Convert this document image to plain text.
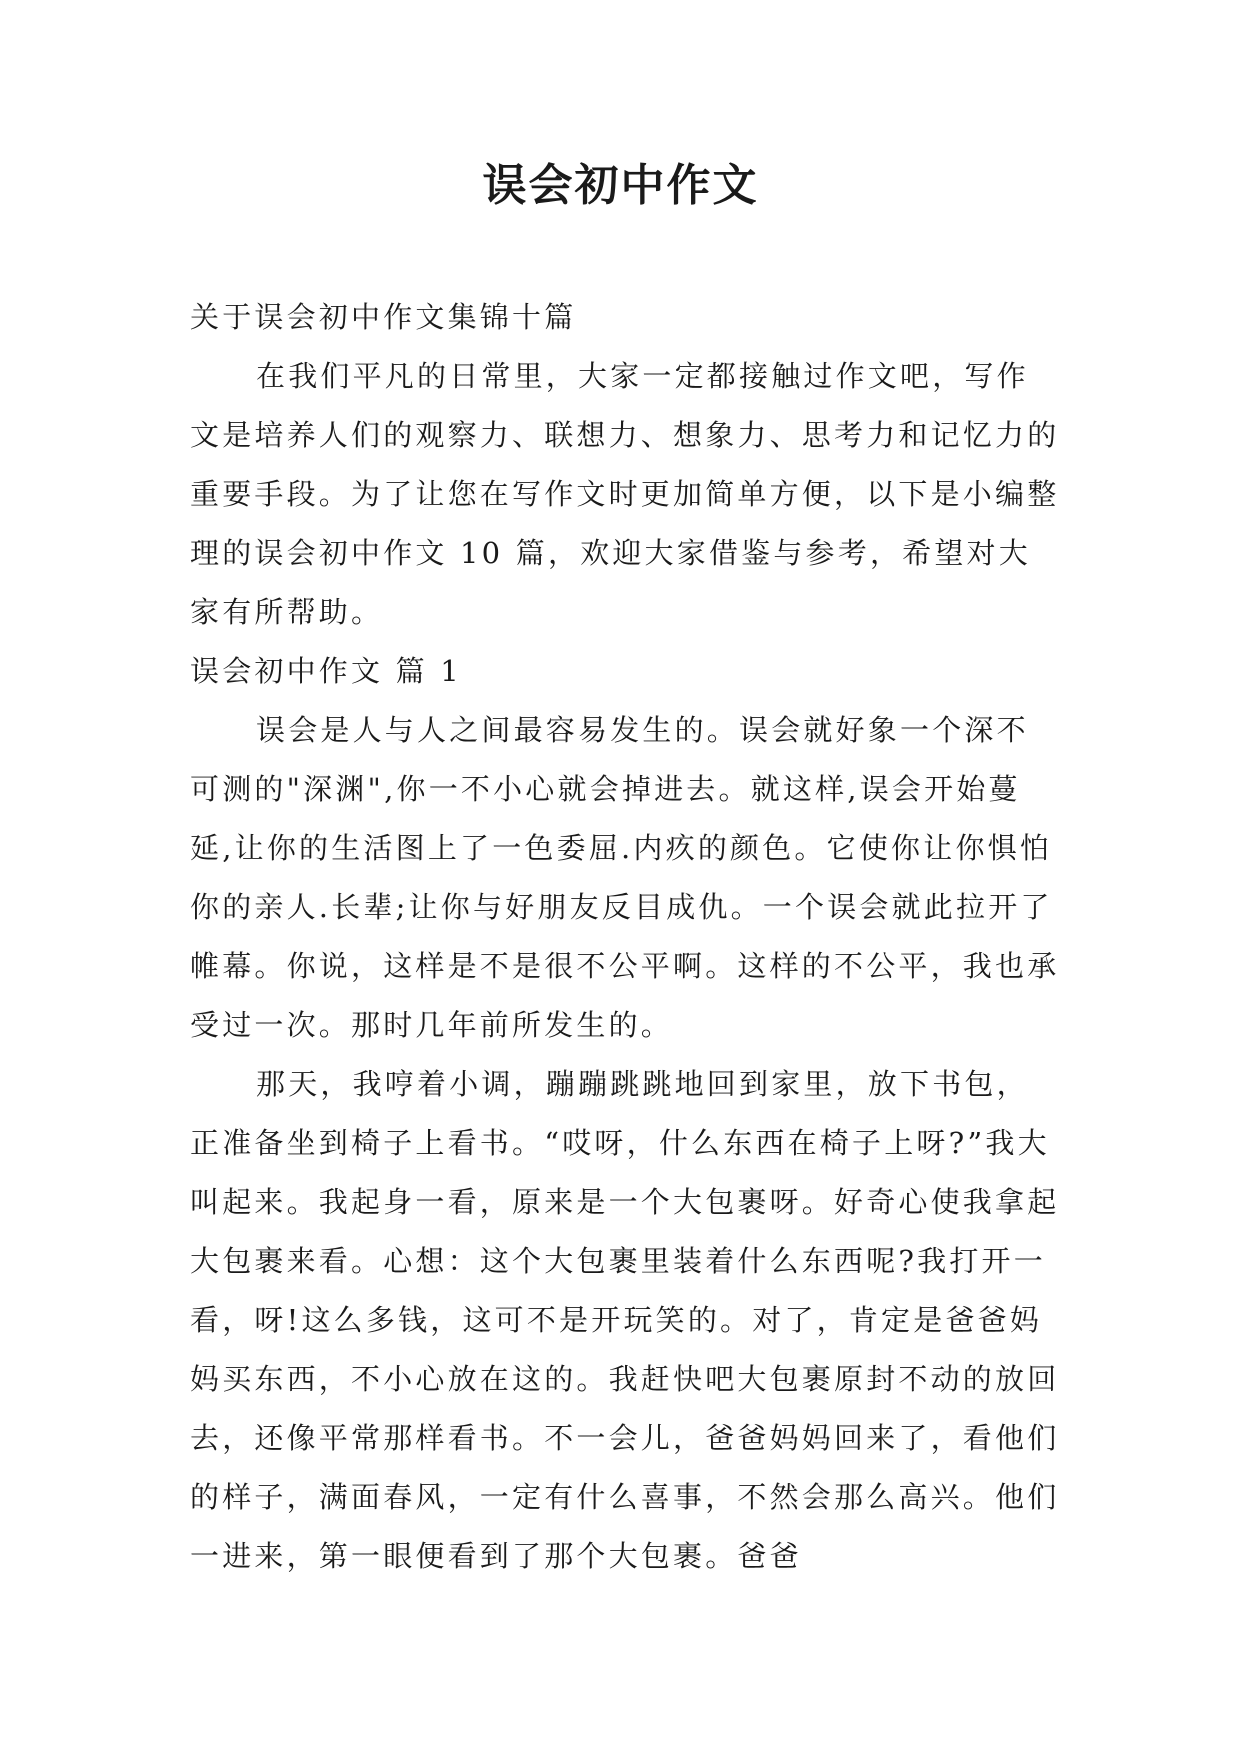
误会初中作文

关于误会初中作文集锦十篇

在我们平凡的日常里，大家一定都接触过作文吧，写作文是培养人们的观察力、联想力、想象力、思考力和记忆力的重要手段。为了让您在写作文时更加简单方便，以下是小编整理的误会初中作文 10 篇，欢迎大家借鉴与参考，希望对大家有所帮助。

误会初中作文 篇 1

误会是人与人之间最容易发生的。误会就好象一个深不可测的"深渊",你一不小心就会掉进去。就这样,误会开始蔓延,让你的生活图上了一色委屈.内疚的颜色。它使你让你惧怕你的亲人.长辈;让你与好朋友反目成仇。一个误会就此拉开了帷幕。你说，这样是不是很不公平啊。这样的不公平，我也承受过一次。那时几年前所发生的。

那天，我哼着小调，蹦蹦跳跳地回到家里，放下书包，正准备坐到椅子上看书。“哎呀，什么东西在椅子上呀?”我大叫起来。我起身一看，原来是一个大包裹呀。好奇心使我拿起大包裹来看。心想：这个大包裹里装着什么东西呢?我打开一看，呀!这么多钱，这可不是开玩笑的。对了，肯定是爸爸妈妈买东西，不小心放在这的。我赶快吧大包裹原封不动的放回去，还像平常那样看书。不一会儿，爸爸妈妈回来了，看他们的样子，满面春风，一定有什么喜事，不然会那么高兴。他们一进来，第一眼便看到了那个大包裹。爸爸
